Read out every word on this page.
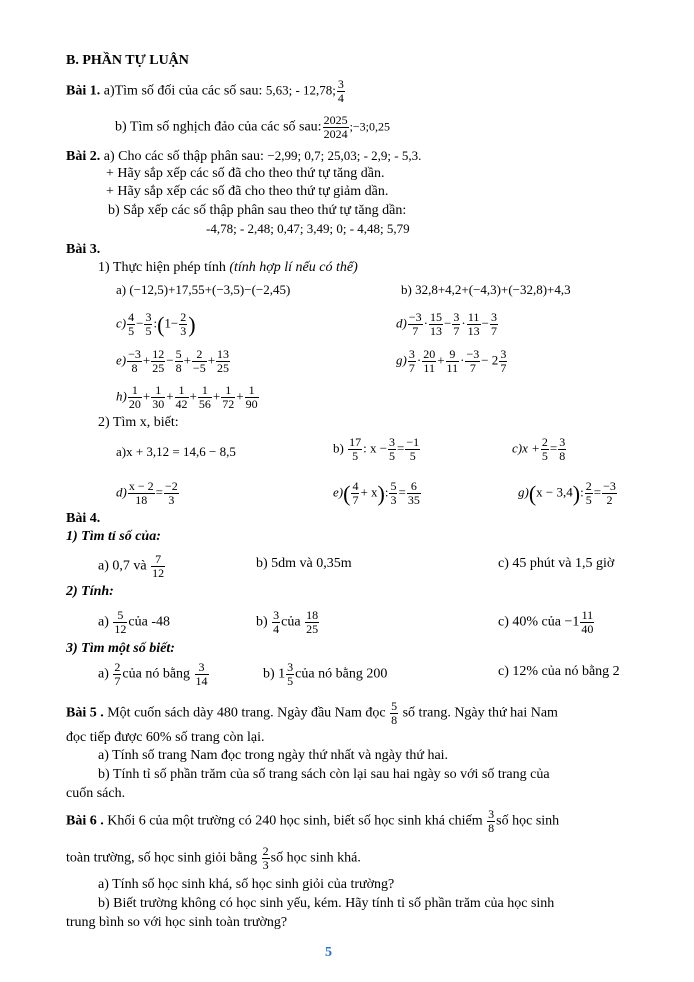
B. PHẦN TỰ LUẬN
Bài 1. a)Tìm số đối của các số sau: 5,63; - 12,78; $\frac{3}{4}$
b) Tìm số nghịch đảo của các số sau: $\frac{2025}{2024}$ ;−3;0,25
Bài 2. a) Cho các số thập phân sau: −2,99; 0,7; 25,03; - 2,9; - 5,3.
+ Hãy sắp xếp các số đã cho theo thứ tự tăng dần.
+ Hãy sắp xếp các số đã cho theo thứ tự giảm dần.
b) Sắp xếp các số thập phân sau theo thứ tự tăng dần:
-4,78; - 2,48; 0,47; 3,49; 0; - 4,48; 5,79
Bài 3.
1) Thực hiện phép tính (tính hợp lí nếu có thể)
a) (−12,5)+17,55+(−3,5)−(−2,45)	b) 32,8+4,2+(−4,3)+(−32,8)+4,3
$c) \frac{4}{5} - \frac{3}{5}$ :(1− $\frac{2}{3}$ )	$d) \frac{-3}{7} \cdot \frac{15}{13} - \frac{3}{7} \cdot \frac{11}{13} - \frac{3}{7}$
$e) \frac{-3}{8} + \frac{12}{25} - \frac{5}{8} + \frac{2}{-5} + \frac{13}{25}$	$g) \frac{3}{7} \cdot \frac{20}{11} + \frac{9}{11} \cdot \frac{-3}{7} - 2 \frac{3}{7}$
$h) \frac{1}{20} + \frac{1}{30} + \frac{1}{42} + \frac{1}{56} + \frac{1}{72} + \frac{1}{90}$
2) Tìm x, biết:
a)x + 3,12 = 14,6 − 8,5	$b) \frac{17}{5}$ : $x - \frac{3}{5} = \frac{-1}{5}$	$c)x + \frac{2}{5} = \frac{3}{8}$
$d) \frac{x - 2}{18} = \frac{-2}{3}$	$e)( \frac{4}{7} + x)$: $\frac{5}{3} = \frac{6}{35}$	g)(x − 3,4): $\frac{2}{5} = \frac{-3}{2}$
Bài 4.
1) Tìm tỉ số của:
a) 0,7 và $\frac{7}{12}$	b) 5dm và 0,35m	c) 45 phút và 1,5 giờ
2) Tính:
$a) \frac{5}{12}$ của -48	$b) \frac{3}{4}$ của $\frac{18}{25}$	c) 40% của $-1 \frac{11}{40}$
3) Tìm một số biết:
$a) \frac{2}{7}$ của nó bằng $\frac{3}{14}$	b) $1 \frac{3}{5}$ của nó bằng 200	c) 12% của nó bằng 2
Bài 5 . Một cuốn sách dày 480 trang. Ngày đầu Nam đọc $\frac{5}{8}$ số trang. Ngày thứ hai Nam
đọc tiếp được 60% số trang còn lại.
a) Tính số trang Nam đọc trong ngày thứ nhất và ngày thứ hai.
b) Tính tỉ số phần trăm của số trang sách còn lại sau hai ngày so với số trang của
cuốn sách.
Bài 6 . Khối 6 của một trường có 240 học sinh, biết số học sinh khá chiếm $\frac{3}{8}$ số học sinh
toàn trường, số học sinh giỏi bằng $\frac{2}{3}$ số học sinh khá.
a) Tính số học sinh khá, số học sinh giỏi của trường?
b) Biết trường không có học sinh yếu, kém. Hãy tính tỉ số phần trăm của học sinh
trung bình so với học sinh toàn trường?
5
